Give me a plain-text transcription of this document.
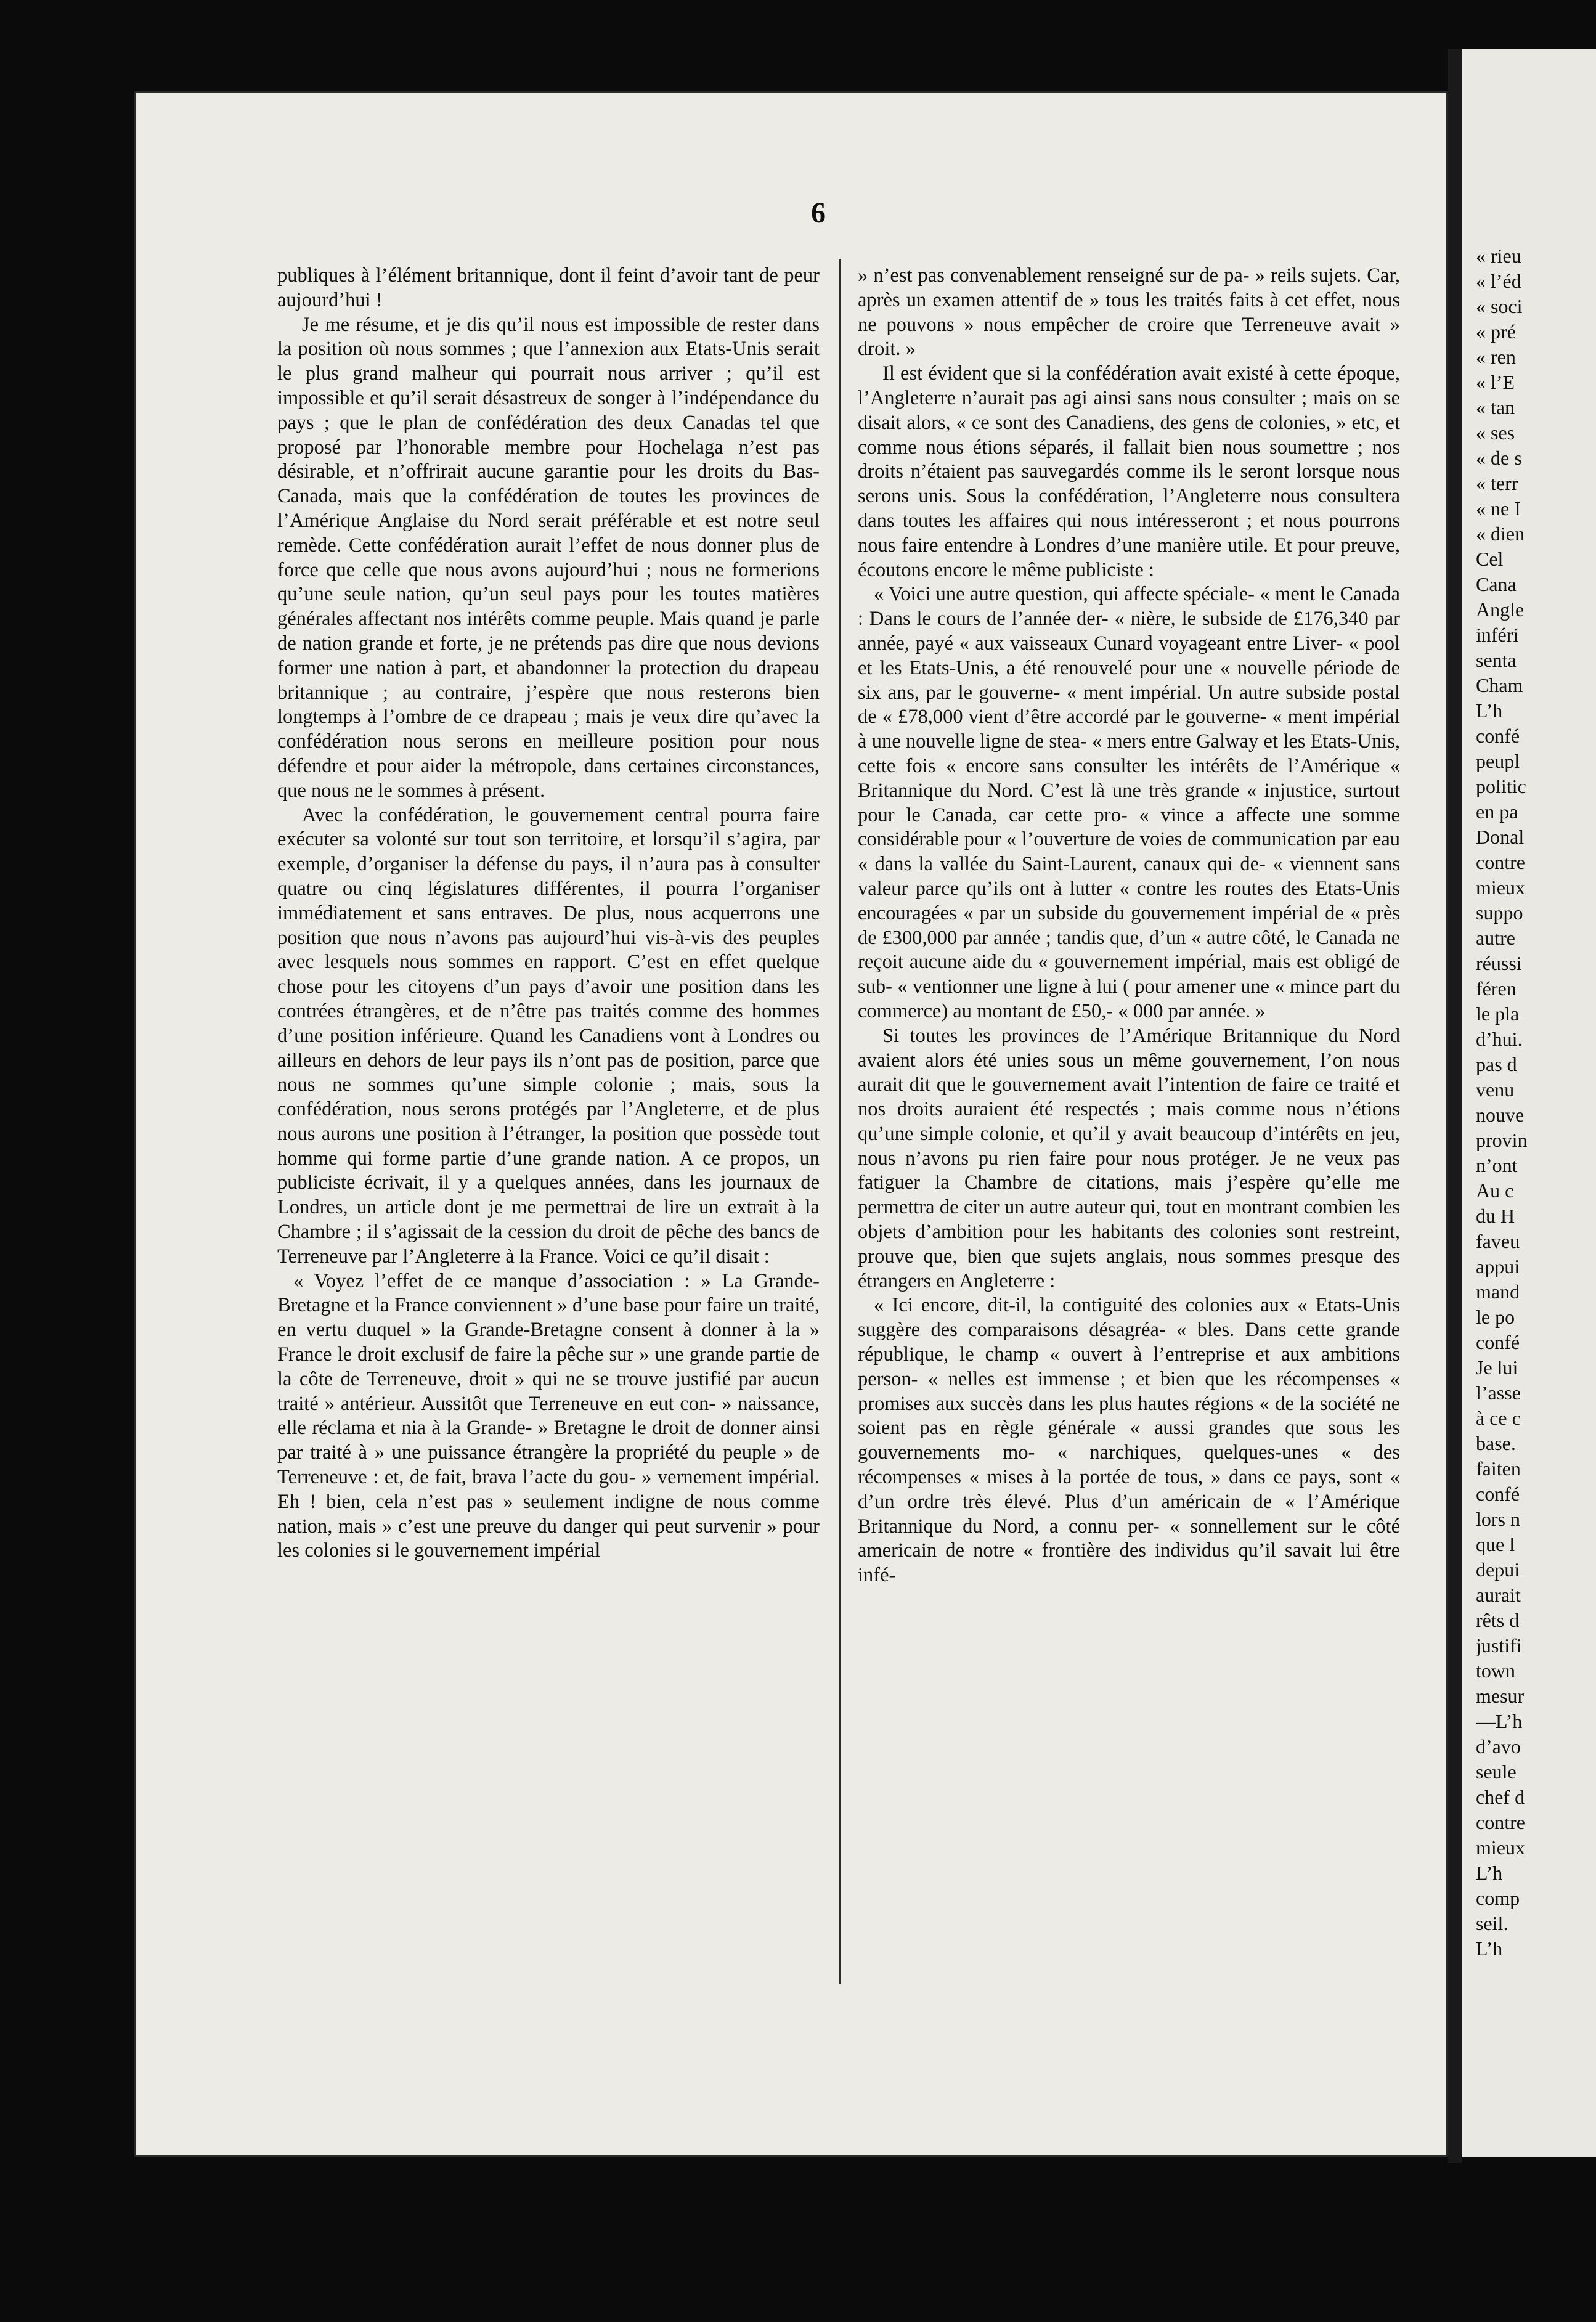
6

publiques à l’élément britannique, dont il feint d’avoir tant de peur aujourd’hui !

Je me résume, et je dis qu’il nous est impossible de rester dans la position où nous sommes ; que l’annexion aux Etats-Unis serait le plus grand malheur qui pourrait nous arriver ; qu’il est impossible et qu’il serait désastreux de songer à l’indépendance du pays ; que le plan de confédération des deux Canadas tel que proposé par l’honorable membre pour Hochelaga n’est pas désirable, et n’offrirait aucune garantie pour les droits du Bas-Canada, mais que la confédération de toutes les provinces de l’Amérique Anglaise du Nord serait préférable et est notre seul remède. Cette confédération aurait l’effet de nous donner plus de force que celle que nous avons aujourd’hui ; nous ne formerions qu’une seule nation, qu’un seul pays pour les toutes matières générales affectant nos intérêts comme peuple. Mais quand je parle de nation grande et forte, je ne prétends pas dire que nous devions former une nation à part, et abandonner la protection du drapeau britannique ; au contraire, j’espère que nous resterons bien longtemps à l’ombre de ce drapeau ; mais je veux dire qu’avec la confédération nous serons en meilleure position pour nous défendre et pour aider la métropole, dans certaines circonstances, que nous ne le sommes à présent.

Avec la confédération, le gouvernement central pourra faire exécuter sa volonté sur tout son territoire, et lorsqu’il s’agira, par exemple, d’organiser la défense du pays, il n’aura pas à consulter quatre ou cinq législatures différentes, il pourra l’organiser immédiatement et sans entraves. De plus, nous acquerrons une position que nous n’avons pas aujourd’hui vis-à-vis des peuples avec lesquels nous sommes en rapport. C’est en effet quelque chose pour les citoyens d’un pays d’avoir une position dans les contrées étrangères, et de n’être pas traités comme des hommes d’une position inférieure. Quand les Canadiens vont à Londres ou ailleurs en dehors de leur pays ils n’ont pas de position, parce que nous ne sommes qu’une simple colonie ; mais, sous la confédération, nous serons protégés par l’Angleterre, et de plus nous aurons une position à l’étranger, la position que possède tout homme qui forme partie d’une grande nation. A ce propos, un publiciste écrivait, il y a quelques années, dans les journaux de Londres, un article dont je me permettrai de lire un extrait à la Chambre ; il s’agissait de la cession du droit de pêche des bancs de Terreneuve par l’Angleterre à la France. Voici ce qu’il disait :

« Voyez l’effet de ce manque d’association : » La Grande-Bretagne et la France conviennent » d’une base pour faire un traité, en vertu duquel » la Grande-Bretagne consent à donner à la » France le droit exclusif de faire la pêche sur » une grande partie de la côte de Terreneuve, droit » qui ne se trouve justifié par aucun traité » antérieur. Aussitôt que Terreneuve en eut con- » naissance, elle réclama et nia à la Grande- » Bretagne le droit de donner ainsi par traité à » une puissance étrangère la propriété du peuple » de Terreneuve : et, de fait, brava l’acte du gou- » vernement impérial. Eh ! bien, cela n’est pas » seulement indigne de nous comme nation, mais » c’est une preuve du danger qui peut survenir » pour les colonies si le gouvernement impérial

» n’est pas convenablement renseigné sur de pa- » reils sujets. Car, après un examen attentif de » tous les traités faits à cet effet, nous ne pouvons » nous empêcher de croire que Terreneuve avait » droit. »

Il est évident que si la confédération avait existé à cette époque, l’Angleterre n’aurait pas agi ainsi sans nous consulter ; mais on se disait alors, « ce sont des Canadiens, des gens de colonies, » etc, et comme nous étions séparés, il fallait bien nous soumettre ; nos droits n’étaient pas sauvegardés comme ils le seront lorsque nous serons unis. Sous la confédération, l’Angleterre nous consultera dans toutes les affaires qui nous intéresseront ; et nous pourrons nous faire entendre à Londres d’une manière utile. Et pour preuve, écoutons encore le même publiciste :

« Voici une autre question, qui affecte spéciale- « ment le Canada : Dans le cours de l’année der- « nière, le subside de £176,340 par année, payé « aux vaisseaux Cunard voyageant entre Liver- « pool et les Etats-Unis, a été renouvelé pour une « nouvelle période de six ans, par le gouverne- « ment impérial. Un autre subside postal de « £78,000 vient d’être accordé par le gouverne- « ment impérial à une nouvelle ligne de stea- « mers entre Galway et les Etats-Unis, cette fois « encore sans consulter les intérêts de l’Amérique « Britannique du Nord. C’est là une très grande « injustice, surtout pour le Canada, car cette pro- « vince a affecte une somme considérable pour « l’ouverture de voies de communication par eau « dans la vallée du Saint-Laurent, canaux qui de- « viennent sans valeur parce qu’ils ont à lutter « contre les routes des Etats-Unis encouragées « par un subside du gouvernement impérial de « près de £300,000 par année ; tandis que, d’un « autre côté, le Canada ne reçoit aucune aide du « gouvernement impérial, mais est obligé de sub- « ventionner une ligne à lui ( pour amener une « mince part du commerce) au montant de £50,- « 000 par année. »

Si toutes les provinces de l’Amérique Britannique du Nord avaient alors été unies sous un même gouvernement, l’on nous aurait dit que le gouvernement avait l’intention de faire ce traité et nos droits auraient été respectés ; mais comme nous n’étions qu’une simple colonie, et qu’il y avait beaucoup d’intérêts en jeu, nous n’avons pu rien faire pour nous protéger. Je ne veux pas fatiguer la Chambre de citations, mais j’espère qu’elle me permettra de citer un autre auteur qui, tout en montrant combien les objets d’ambition pour les habitants des colonies sont restreint, prouve que, bien que sujets anglais, nous sommes presque des étrangers en Angleterre :

« Ici encore, dit-il, la contiguité des colonies aux « Etats-Unis suggère des comparaisons désagréa- « bles. Dans cette grande république, le champ « ouvert à l’entreprise et aux ambitions person- « nelles est immense ; et bien que les récompenses « promises aux succès dans les plus hautes régions « de la société ne soient pas en règle générale « aussi grandes que sous les gouvernements mo- « narchiques, quelques-unes « des récompenses « mises à la portée de tous, » dans ce pays, sont « d’un ordre très élevé. Plus d’un américain de « l’Amérique Britannique du Nord, a connu per- « sonnellement sur le côté americain de notre « frontière des individus qu’il savait lui être infé-

« rieu
« l’éd
« soci
« pré
« ren
« l’E
« tan
« ses
« de s
« terr
« ne I
« dien
Cel
Cana
Angle
inféri
senta
Cham
L’h
confé
peupl
politic
en pa
Donal
contre
mieux
suppo
autre
réussi
féren
le pla
d’hui.
pas d
venu
nouve
provin
n’ont
Au c
du H
faveu
appui
mand
le po
confé
Je lui
l’asse
à ce c
base.
faiten
confé
lors n
que l
depui
aurait
rêts d
justifi
town
mesur
—L’h
d’avo
seule
chef d
contre
mieux
L’h
comp
seil.
L’h
